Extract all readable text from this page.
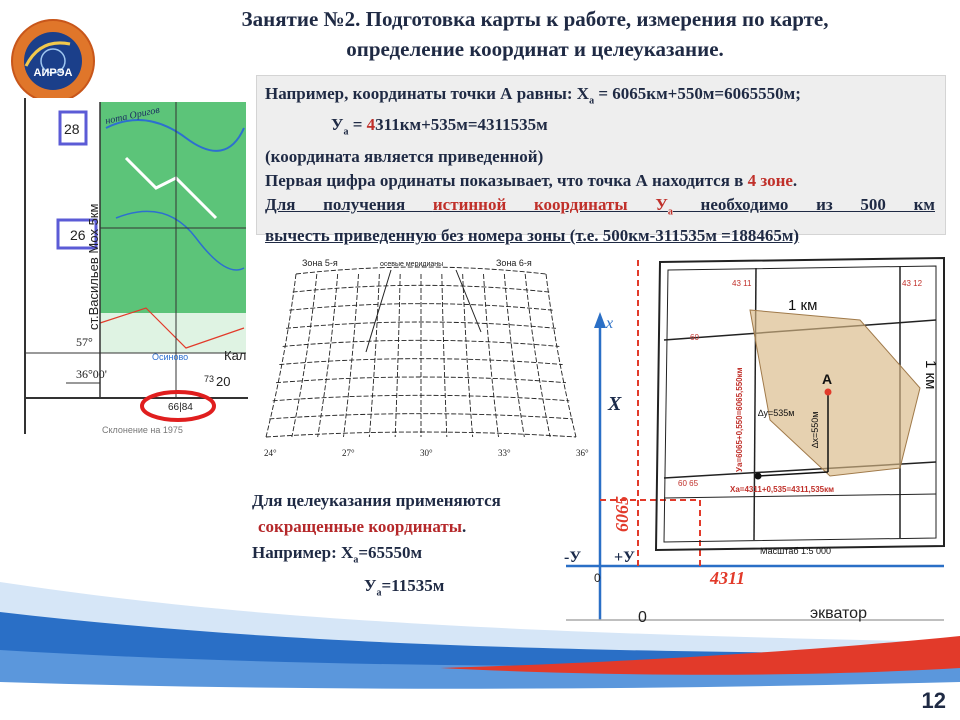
АИРЭА
Занятие №2. Подготовка карты к работе, измерения по карте,
определение координат и целеуказание.
28
26
нота Оригов
ст.Васильев Мох 5км
57°
36°00'
Кал
Осиново
73 20
66|84
Склонение на 1975
Например, координаты точки А равны: $Х_а = 6065км+550м=6065550м$;
$У_а = 4311км+535м=4311535м$
(координата является приведенной)
Первая цифра ординаты показывает, что точка А находится в 4 зоне.
Для получения истинной координаты $У_а$ необходимо из 500 км
вычесть приведенную без номера зоны (т.е. 500км-311535м =188465м)
Зона 5-я	Зона 6-я
осевые меридианы
24°	27°	30°	33°	36°
х
X
экватор
0
0
-У +У
6065
4311
A
1 км
1 км
∆у=535м ∆х=550м
Уа=6065+0,550=6065,550км
Ха=4311+0,535=4311,535км
43 11	43 12
60
60 65
Масштаб 1:5 000
Для целеуказания применяются
сокращенные координаты.
Например: $Х_а=65550м$
$У_а=11535м$
12
